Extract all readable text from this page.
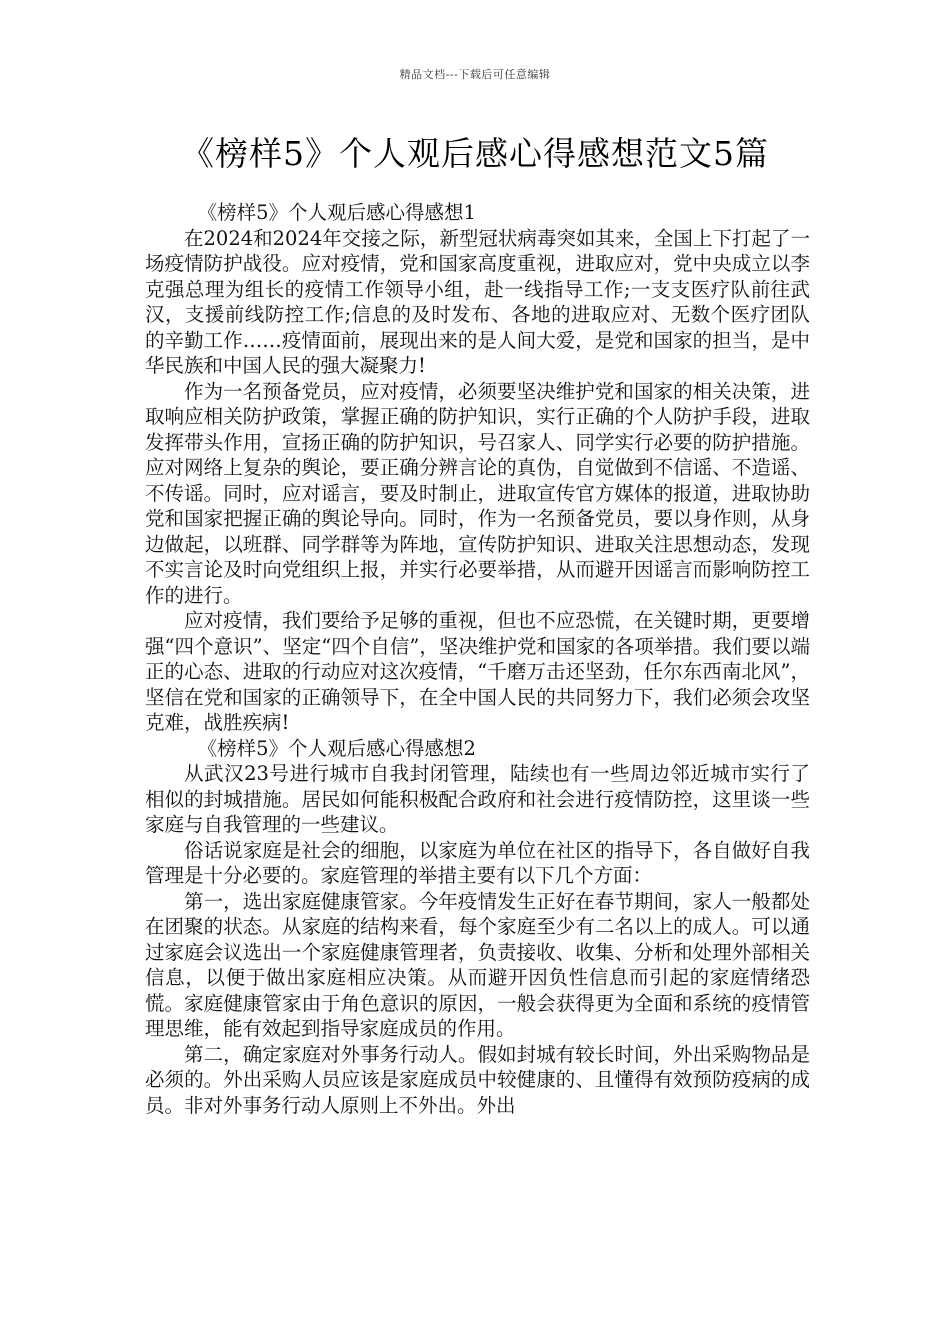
精品文档---下载后可任意编辑
《榜样5》个人观后感心得感想范文5篇

《榜样5》个人观后感心得感想1

在2024和2024年交接之际，新型冠状病毒突如其来，全国上下打起了一场疫情防护战役。应对疫情，党和国家高度重视，进取应对，党中央成立以李克强总理为组长的疫情工作领导小组，赴一线指导工作;一支支医疗队前往武汉，支援前线防控工作;信息的及时发布、各地的进取应对、无数个医疗团队的辛勤工作……疫情面前，展现出来的是人间大爱，是党和国家的担当，是中华民族和中国人民的强大凝聚力!

作为一名预备党员，应对疫情，必须要坚决维护党和国家的相关决策，进取响应相关防护政策，掌握正确的防护知识，实行正确的个人防护手段，进取发挥带头作用，宣扬正确的防护知识，号召家人、同学实行必要的防护措施。应对网络上复杂的舆论，要正确分辨言论的真伪，自觉做到不信谣、不造谣、不传谣。同时，应对谣言，要及时制止，进取宣传官方媒体的报道，进取协助党和国家把握正确的舆论导向。同时，作为一名预备党员，要以身作则，从身边做起，以班群、同学群等为阵地，宣传防护知识、进取关注思想动态，发现不实言论及时向党组织上报，并实行必要举措，从而避开因谣言而影响防控工作的进行。

应对疫情，我们要给予足够的重视，但也不应恐慌，在关键时期，更要增强“四个意识”、坚定“四个自信”，坚决维护党和国家的各项举措。我们要以端正的心态、进取的行动应对这次疫情，“千磨万击还坚劲，任尔东西南北风”，坚信在党和国家的正确领导下，在全中国人民的共同努力下，我们必须会攻坚克难，战胜疾病!

《榜样5》个人观后感心得感想2

从武汉23号进行城市自我封闭管理，陆续也有一些周边邻近城市实行了相似的封城措施。居民如何能积极配合政府和社会进行疫情防控，这里谈一些家庭与自我管理的一些建议。

俗话说家庭是社会的细胞，以家庭为单位在社区的指导下，各自做好自我管理是十分必要的。家庭管理的举措主要有以下几个方面：

第一，选出家庭健康管家。今年疫情发生正好在春节期间，家人一般都处在团聚的状态。从家庭的结构来看，每个家庭至少有二名以上的成人。可以通过家庭会议选出一个家庭健康管理者，负责接收、收集、分析和处理外部相关信息，以便于做出家庭相应决策。从而避开因负性信息而引起的家庭情绪恐慌。家庭健康管家由于角色意识的原因，一般会获得更为全面和系统的疫情管理思维，能有效起到指导家庭成员的作用。

第二，确定家庭对外事务行动人。假如封城有较长时间，外出采购物品是必须的。外出采购人员应该是家庭成员中较健康的、且懂得有效预防疫病的成员。非对外事务行动人原则上不外出。外出
